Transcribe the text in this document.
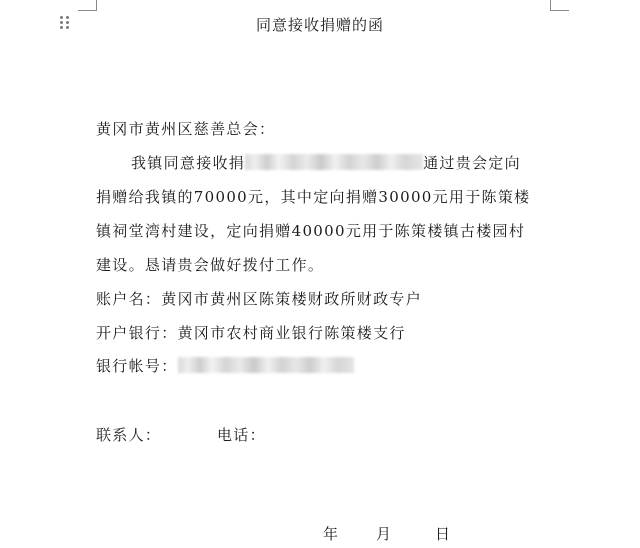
同意接收捐赠的函
黄冈市黄州区慈善总会：
我镇同意接收捐	通过贵会定向
捐赠给我镇的70000元，其中定向捐赠30000元用于陈策楼
镇祠堂湾村建设，定向捐赠40000元用于陈策楼镇古楼园村
建设。恳请贵会做好拨付工作。
账户名：黄冈市黄州区陈策楼财政所财政专户
开户银行：黄冈市农村商业银行陈策楼支行
银行帐号：
联系人：	电话：
年 月	日
